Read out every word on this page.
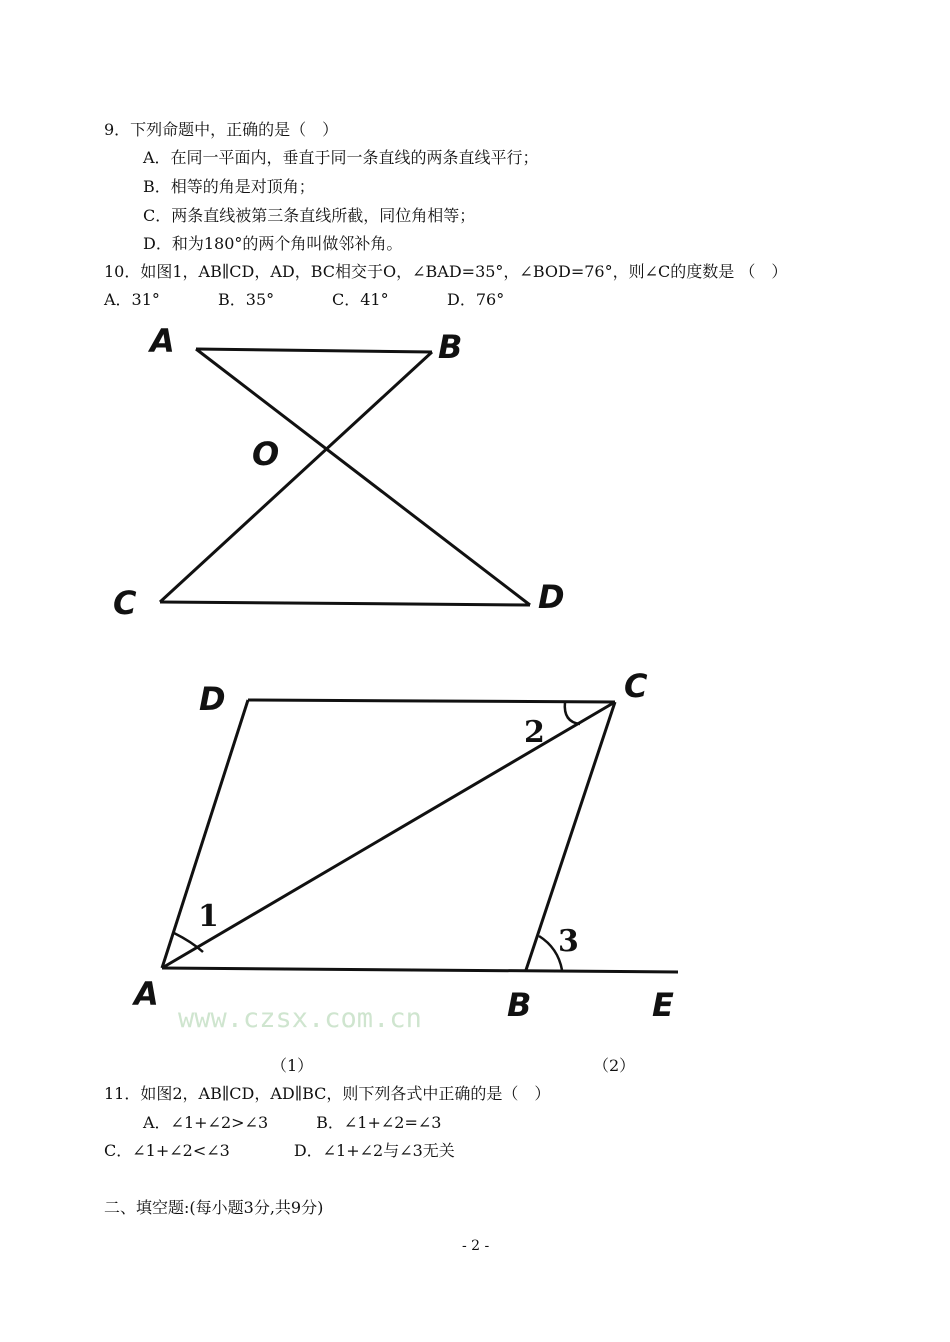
9．下列命题中，正确的是（　）
A．在同一平面内，垂直于同一条直线的两条直线平行；
B．相等的角是对顶角；
C．两条直线被第三条直线所截，同位角相等；
D．和为180°的两个角叫做邻补角。
10．如图1，AB∥CD，AD，BC相交于O，∠BAD=35°，∠BOD=76°，则∠C的度数是 （　）
A．31°	B．35°	C．41°	D．76°
A	B
O
C	D
D	C
A	B	E
1
2
3
www.czsx.com.cn
（1）	（2）
11．如图2，AB∥CD，AD∥BC，则下列各式中正确的是（　）
A．∠1+∠2>∠3　　　B．∠1+∠2=∠3
C．∠1+∠2<∠3　　　　D．∠1+∠2与∠3无关
二、填空题:(每小题3分,共9分)
- 2 -
